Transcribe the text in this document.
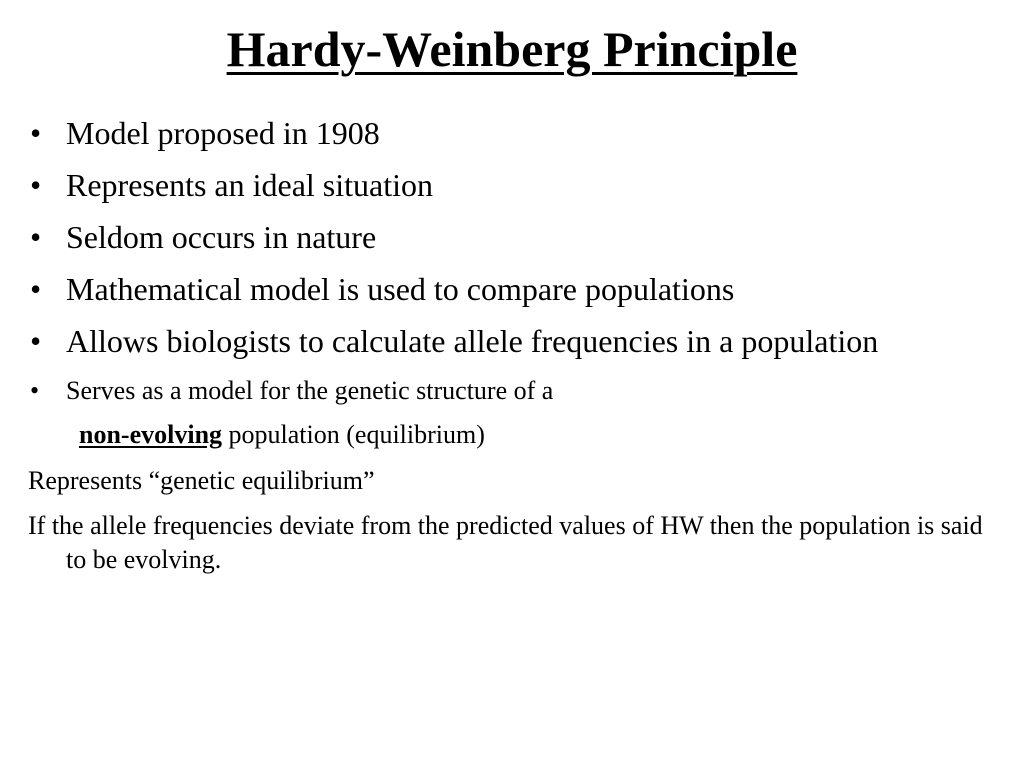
Hardy-Weinberg Principle
• Model proposed in 1908
• Represents an ideal situation
• Seldom occurs in nature
• Mathematical model is used to compare populations
• Allows biologists to calculate allele frequencies in a population
• Serves as a model for the genetic structure of a
non-evolving population (equilibrium)
Represents “genetic equilibrium”
If the allele frequencies deviate from the predicted values of HW then the population is said to be evolving.
